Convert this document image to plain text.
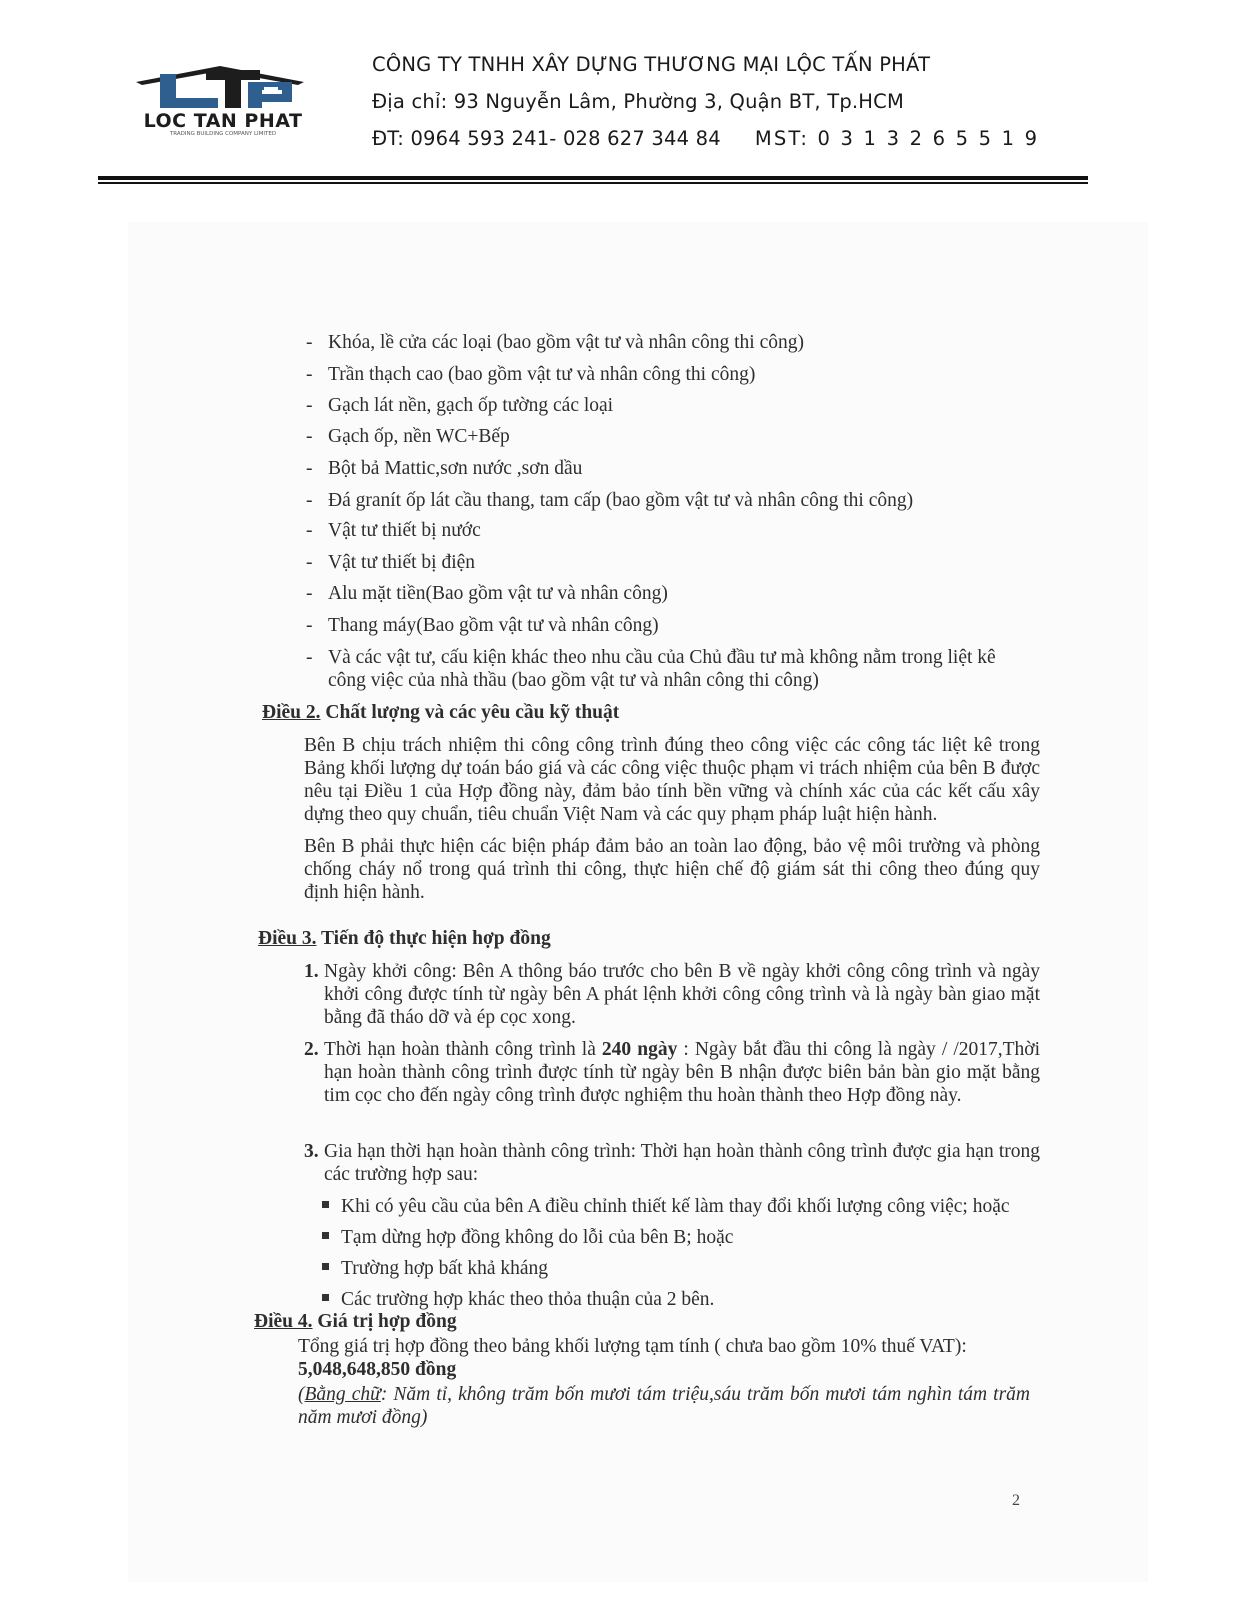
LOC TAN PHAT
TRADING BUILDING COMPANY LIMITED
CÔNG TY TNHH XÂY DỰNG THƯƠNG MẠI LỘC TẤN PHÁT
Địa chỉ: 93 Nguyễn Lâm, Phường 3, Quận BT, Tp.HCM
ĐT: 0964 593 241- 028 627 344 84 MST: 0 3 1 3 2 6 5 5 1 9
- Khóa, lề cửa các loại (bao gồm vật tư và nhân công thi công)
- Trần thạch cao (bao gồm vật tư và nhân công thi công)
- Gạch lát nền, gạch ốp tường các loại
- Gạch ốp, nền WC+Bếp
- Bột bả Mattic,sơn nước ,sơn dầu
- Đá granít ốp lát cầu thang, tam cấp (bao gồm vật tư và nhân công thi công)
- Vật tư thiết bị nước
- Vật tư thiết bị điện
- Alu mặt tiền(Bao gồm vật tư và nhân công)
- Thang máy(Bao gồm vật tư và nhân công)
- Và các vật tư, cấu kiện khác theo nhu cầu của Chủ đầu tư mà không nằm trong liệt kê
công việc của nhà thầu (bao gồm vật tư và nhân công thi công)
Điều 2. Chất lượng và các yêu cầu kỹ thuật
Bên B chịu trách nhiệm thi công công trình đúng theo công việc các công tác liệt kê trong Bảng khối lượng dự toán báo giá và các công việc thuộc phạm vi trách nhiệm của bên B được nêu tại Điều 1 của Hợp đồng này, đảm bảo tính bền vững và chính xác của các kết cấu xây dựng theo quy chuẩn, tiêu chuẩn Việt Nam và các quy phạm pháp luật hiện hành.
Bên B phải thực hiện các biện pháp đảm bảo an toàn lao động, bảo vệ môi trường và phòng chống cháy nổ trong quá trình thi công, thực hiện chế độ giám sát thi công theo đúng quy định hiện hành.
Điều 3. Tiến độ thực hiện hợp đồng
1. Ngày khởi công: Bên A thông báo trước cho bên B về ngày khởi công công trình và ngày khởi công được tính từ ngày bên A phát lệnh khởi công công trình và là ngày bàn giao mặt bằng đã tháo dỡ và ép cọc xong.
2. Thời hạn hoàn thành công trình là 240 ngày : Ngày bắt đầu thi công là ngày / /2017,Thời hạn hoàn thành công trình được tính từ ngày bên B nhận được biên bản bàn gio mặt bằng tim cọc cho đến ngày công trình được nghiệm thu hoàn thành theo Hợp đồng này.
3. Gia hạn thời hạn hoàn thành công trình: Thời hạn hoàn thành công trình được gia hạn trong các trường hợp sau:
Khi có yêu cầu của bên A điều chỉnh thiết kế làm thay đổi khối lượng công việc; hoặc
Tạm dừng hợp đồng không do lỗi của bên B; hoặc
Trường hợp bất khả kháng
Các trường hợp khác theo thỏa thuận của 2 bên.
Điều 4. Giá trị hợp đồng
Tổng giá trị hợp đồng theo bảng khối lượng tạm tính ( chưa bao gồm 10% thuế VAT):
5,048,648,850 đồng
(Bằng chữ: Năm tỉ, không trăm bốn mươi tám triệu,sáu trăm bốn mươi tám nghìn tám trăm năm mươi đồng)
2
